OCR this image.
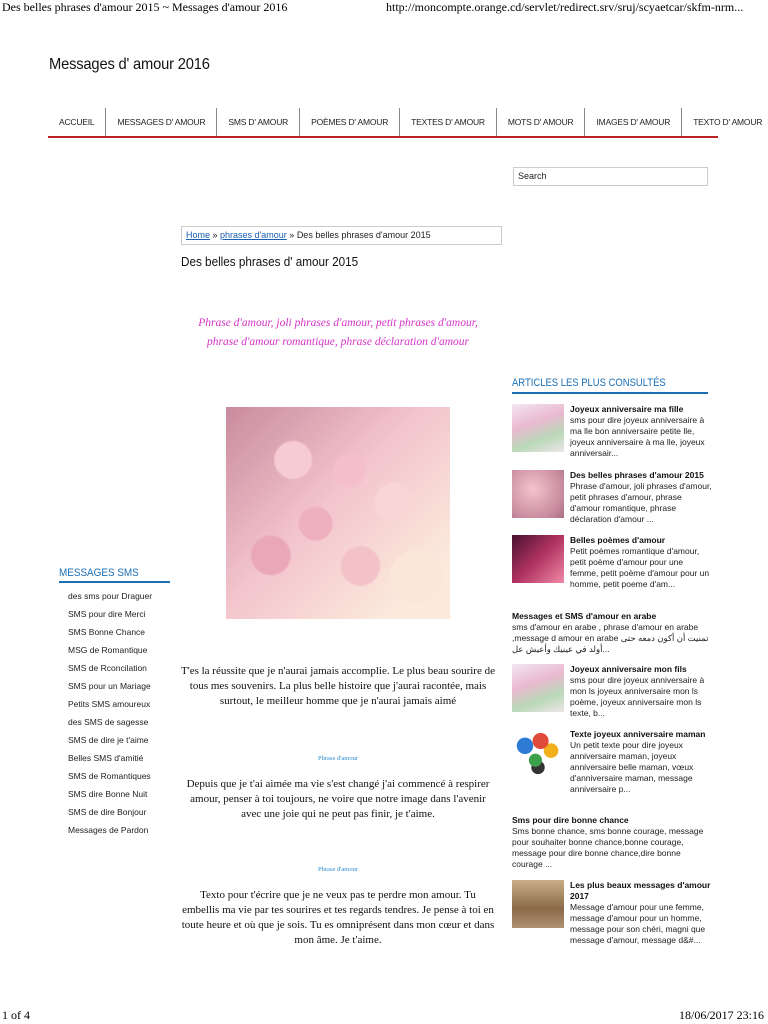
Des belles phrases d'amour 2015 ~ Messages d'amour 2016	http://moncompte.orange.cd/servlet/redirect.srv/sruj/scyaetcar/skfm-nrm...
Messages d' amour 2016
ACCUEIL	MESSAGES D' AMOUR	SMS D' AMOUR	POÈMES D' AMOUR	TEXTES D' AMOUR	MOTS D' AMOUR	IMAGES D' AMOUR	TEXTO D' AMOUR
Search
Home » phrases d'amour » Des belles phrases d'amour 2015
Des belles phrases d' amour 2015

Phrase d'amour, joli phrases d'amour, petit phrases d'amour, phrase d'amour romantique, phrase déclaration d'amour

T'es la réussite que je n'aurai jamais accomplie. Le plus beau sourire de tous mes souvenirs. La plus belle histoire que j'aurai racontée, mais surtout, le meilleur homme que je n'aurai jamais aimé

Phrase d'amour

Depuis que je t'ai aimée ma vie s'est changé j'ai commencé à respirer amour, penser à toi toujours, ne voire que notre image dans l'avenir avec une joie qui ne peut pas finir, je t'aime.

Phrase d'amour

Texto pour t'écrire que je ne veux pas te perdre mon amour. Tu embellis ma vie par tes sourires et tes regards tendres. Je pense à toi en toute heure et où que je sois. Tu es omniprésent dans mon cœur et dans mon âme. Je t'aime.

MESSAGES SMS
des sms pour Draguer
SMS pour dire Merci
SMS Bonne Chance
MSG de Romantique
SMS de Rconcilation
SMS pour un Mariage
Petits SMS amoureux
des SMS de sagesse
SMS de dire je t'aime
Belles SMS d'amitié
SMS de Romantiques
SMS dire Bonne Nuit
SMS de dire Bonjour
Messages de Pardon
ARTICLES LES PLUS CONSULTÉS
Joyeux anniversaire ma fille
sms pour dire joyeux anniversaire à ma lle bon anniversaire petite lle, joyeux anniversaire à ma lle, joyeux anniversair...
Des belles phrases d'amour 2015
Phrase d'amour, joli phrases d'amour, petit phrases d'amour, phrase d'amour romantique, phrase déclaration d'amour ...
Belles poèmes d'amour
Petit poèmes romantique d'amour, petit poème d'amour pour une femme, petit poème d'amour pour un homme, petit poeme d'am...
Messages et SMS d'amour en arabe
sms d'amour en arabe , phrase d'amour en arabe ,message d amour en arabe تمنيت أن أكون دمعه حتى أولد في عينيك وأعيش عل...
Joyeux anniversaire mon fils
sms pour dire joyeux anniversaire à mon ls joyeux anniversaire mon ls poème, joyeux anniversaire mon ls texte, b...
Texte joyeux anniversaire maman
Un petit texte pour dire joyeux anniversaire maman, joyeux anniversaire belle maman, vœux d'anniversaire maman, message anniversaire p...
Sms pour dire bonne chance
Sms bonne chance, sms bonne courage, message pour souhaiter bonne chance,bonne courage, message pour dire bonne chance,dire bonne courage ...
Les plus beaux messages d'amour 2017
Message d'amour pour une femme, message d'amour pour un homme, message pour son chéri, magni que message d'amour, message d&#...
1 of 4	18/06/2017 23:16
